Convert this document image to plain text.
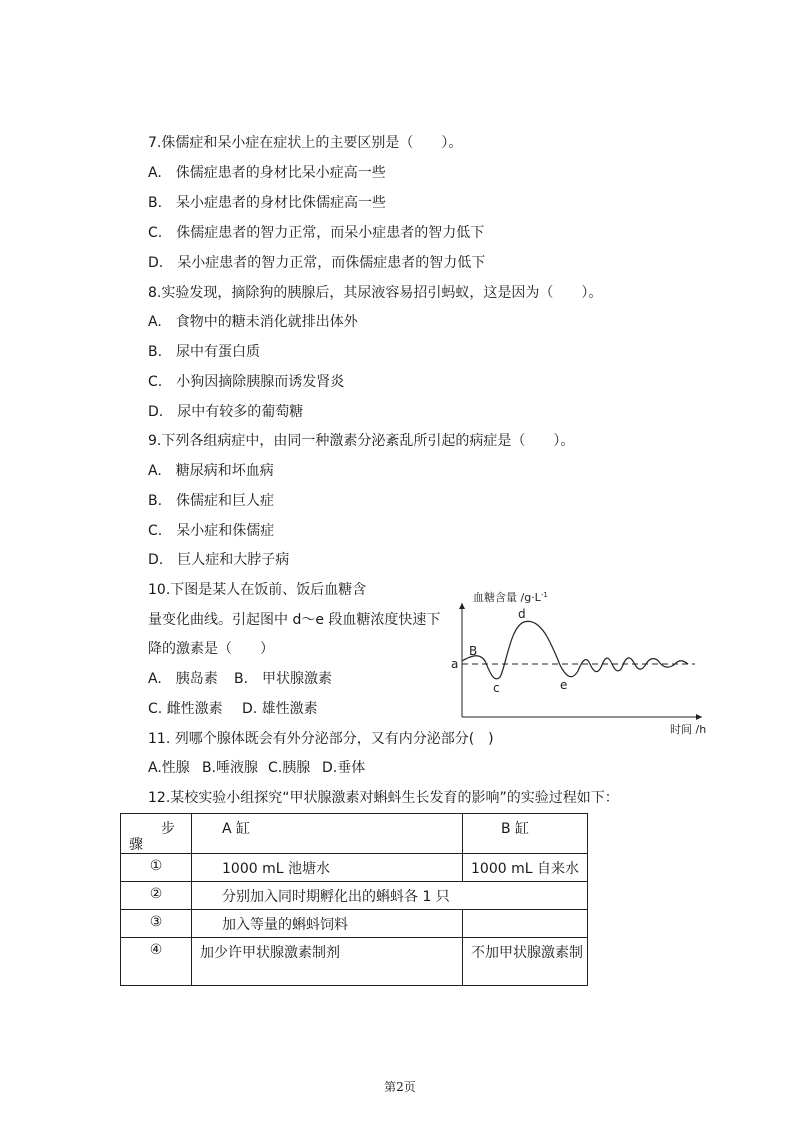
7.侏儒症和呆小症在症状上的主要区别是（　　）。
A.　侏儒症患者的身材比呆小症高一些
B.　呆小症患者的身材比侏儒症高一些
C.　侏儒症患者的智力正常，而呆小症患者的智力低下
D.　呆小症患者的智力正常，而侏儒症患者的智力低下
8.实验发现，摘除狗的胰腺后，其尿液容易招引蚂蚁，这是因为（　　）。
A.　食物中的糖未消化就排出体外
B.　尿中有蛋白质
C.　小狗因摘除胰腺而诱发肾炎
D.　尿中有较多的葡萄糖
9.下列各组病症中，由同一种激素分泌紊乱所引起的病症是（　　）。
A.　糖尿病和坏血病
B.　侏儒症和巨人症
C.　呆小症和侏儒症
D.　巨人症和大脖子病
10.下图是某人在饭前、饭后血糖含
量变化曲线。引起图中 d～e 段血糖浓度快速下
降的激素是（　　）
A.　胰岛素 B.　甲状腺激素
C. 雌性激素 D. 雄性激素
血糖含量 $/g\cdot L^{-1}$
a
B
c
d
e
时间 /h
11. 列哪个腺体既会有外分泌部分，又有内分泌部分(　)
A.性腺 B.唾液腺 C.胰腺 D.垂体
12.某校实验小组探究“甲状腺激素对蝌蚪生长发育的影响”的实验过程如下：
步
骤	A 缸	B 缸
①	1000 mL 池塘水	1000 mL 自来水
②	分别加入同时期孵化出的蝌蚪各 1 只	
③	加入等量的蝌蚪饲料	
④	加少许甲状腺激素制剂	不加甲状腺激素制
第2页
